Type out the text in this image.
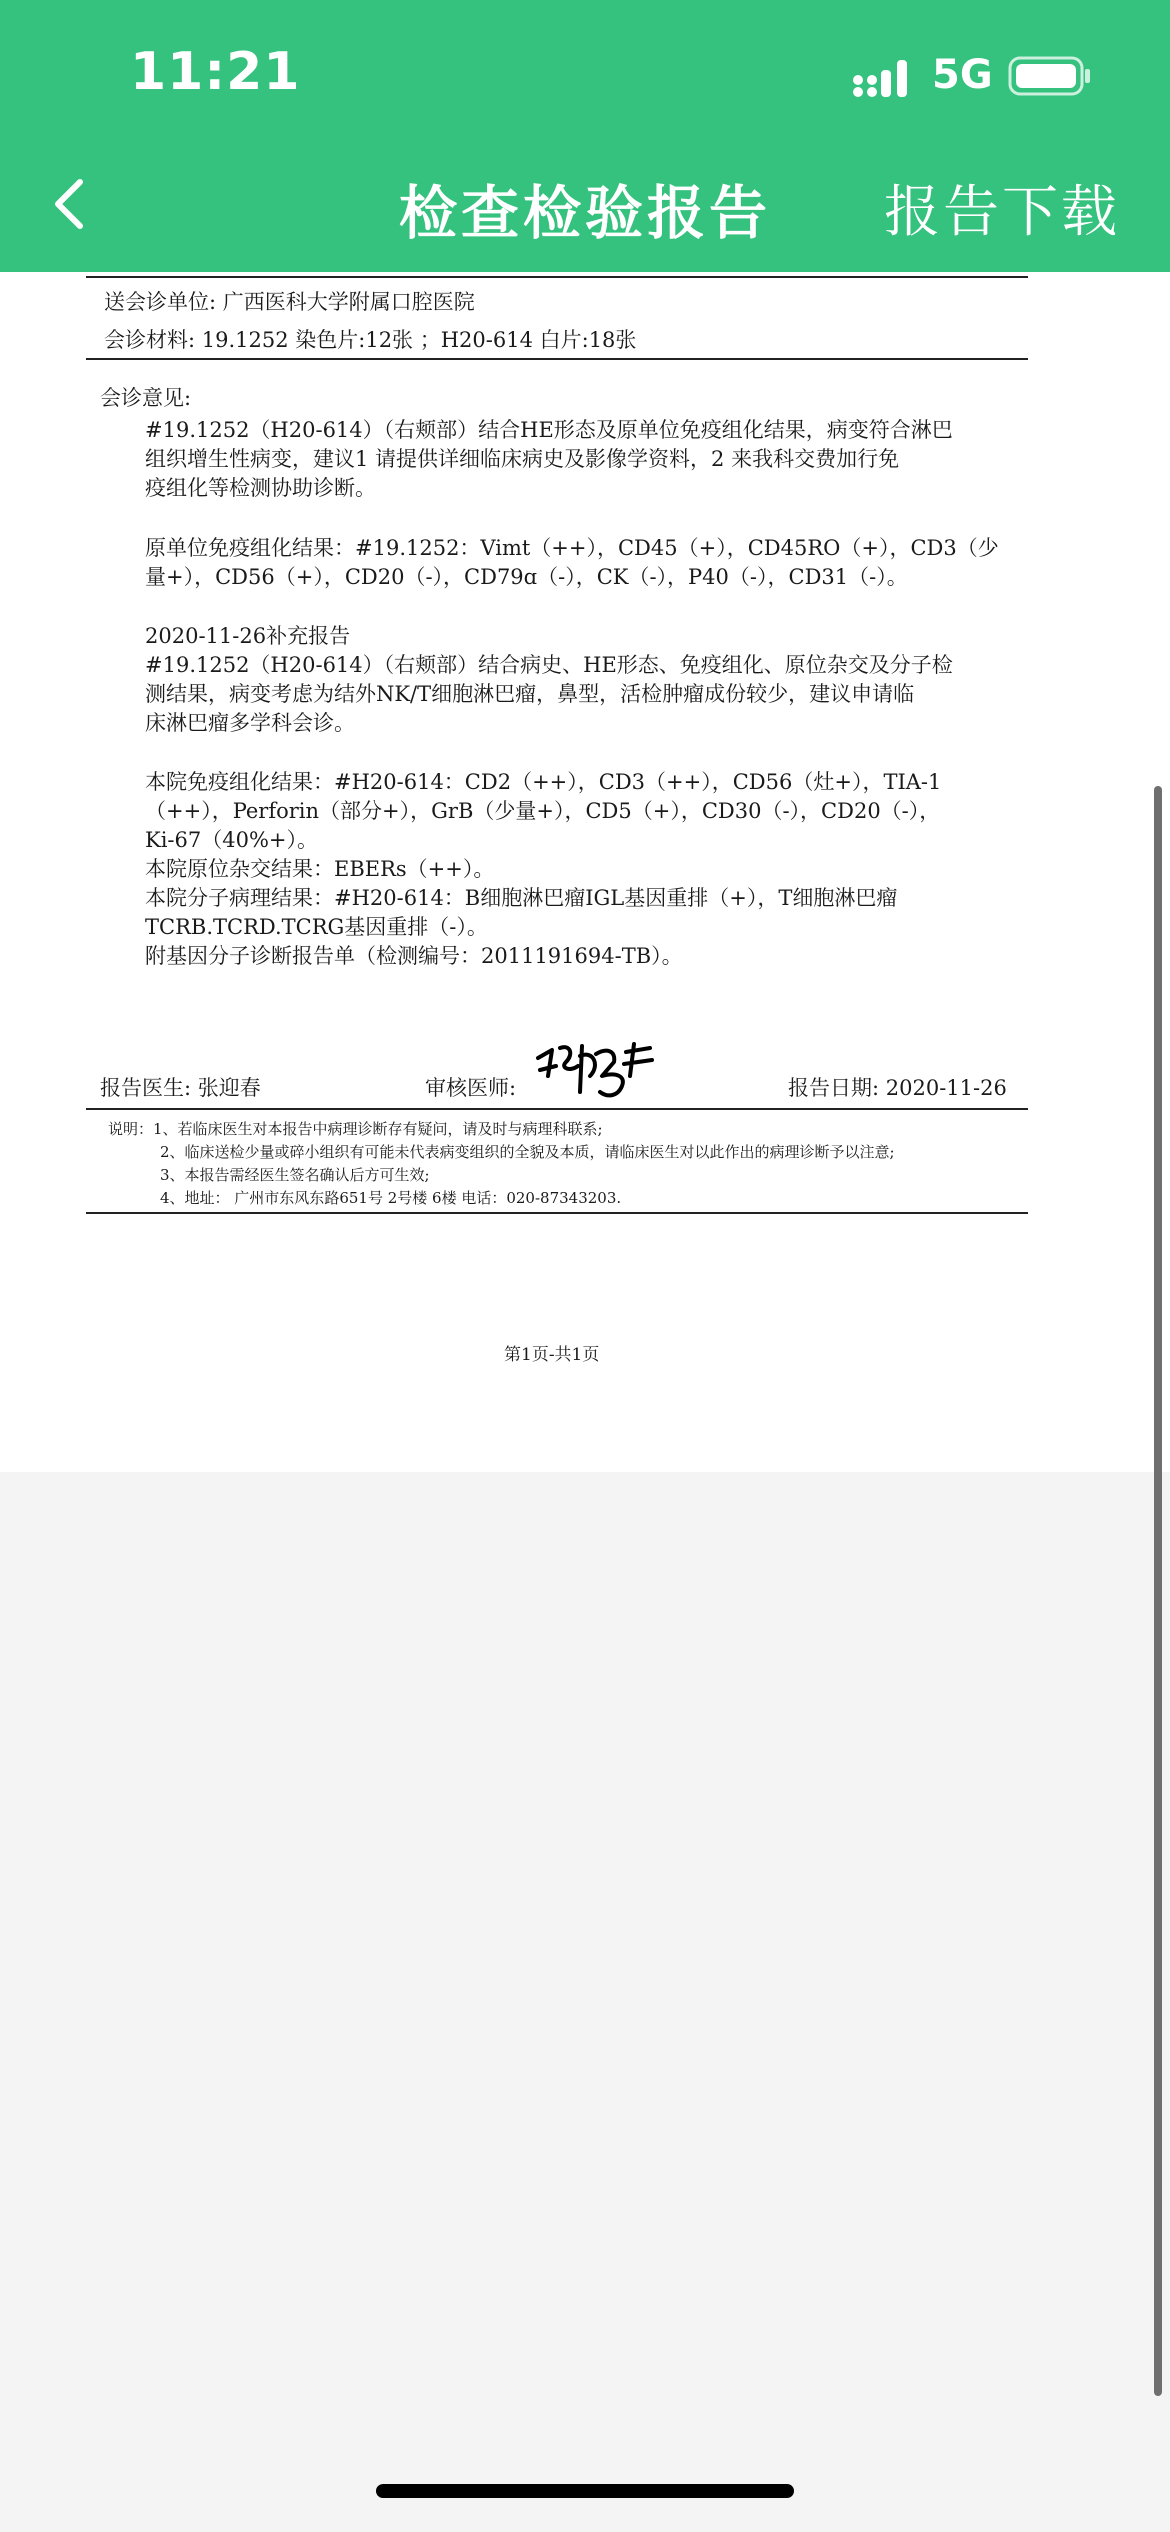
11:21	5G
检查检验报告	报告下载
送会诊单位: 广西医科大学附属口腔医院
会诊材料: 19.1252 染色片:12张 ；H20-614 白片:18张
会诊意见:
#19.1252（H20-614）（右颊部）结合HE形态及原单位免疫组化结果，病变符合淋巴
组织增生性病变，建议1 请提供详细临床病史及影像学资料，2 来我科交费加行免
疫组化等检测协助诊断。
原单位免疫组化结果：#19.1252：Vimt（++），CD45（+），CD45RO（+），CD3（少
量+），CD56（+），CD20（-），CD79ɑ（-），CK（-），P40（-），CD31（-）。
2020-11-26补充报告
#19.1252（H20-614）（右颊部）结合病史、HE形态、免疫组化、原位杂交及分子检
测结果，病变考虑为结外NK/T细胞淋巴瘤，鼻型，活检肿瘤成份较少，建议申请临
床淋巴瘤多学科会诊。
本院免疫组化结果：#H20-614：CD2（++），CD3（++），CD56（灶+），TIA-1
（++），Perforin（部分+），GrB（少量+），CD5（+），CD30（-），CD20（-），
Ki-67（40%+）。
本院原位杂交结果：EBERs（++）。
本院分子病理结果：#H20-614：B细胞淋巴瘤IGL基因重排（+），T细胞淋巴瘤
TCRB.TCRD.TCRG基因重排（-）。
附基因分子诊断报告单（检测编号：2011191694-TB）。
报告医生: 张迎春	审核医师:	报告日期: 2020-11-26
说明：1、若临床医生对本报告中病理诊断存有疑问，请及时与病理科联系;
2、临床送检少量或碎小组织有可能未代表病变组织的全貌及本质，请临床医生对以此作出的病理诊断予以注意;
3、本报告需经医生签名确认后方可生效;
4、地址： 广州市东风东路651号 2号楼 6楼 电话：020-87343203.
第1页-共1页
